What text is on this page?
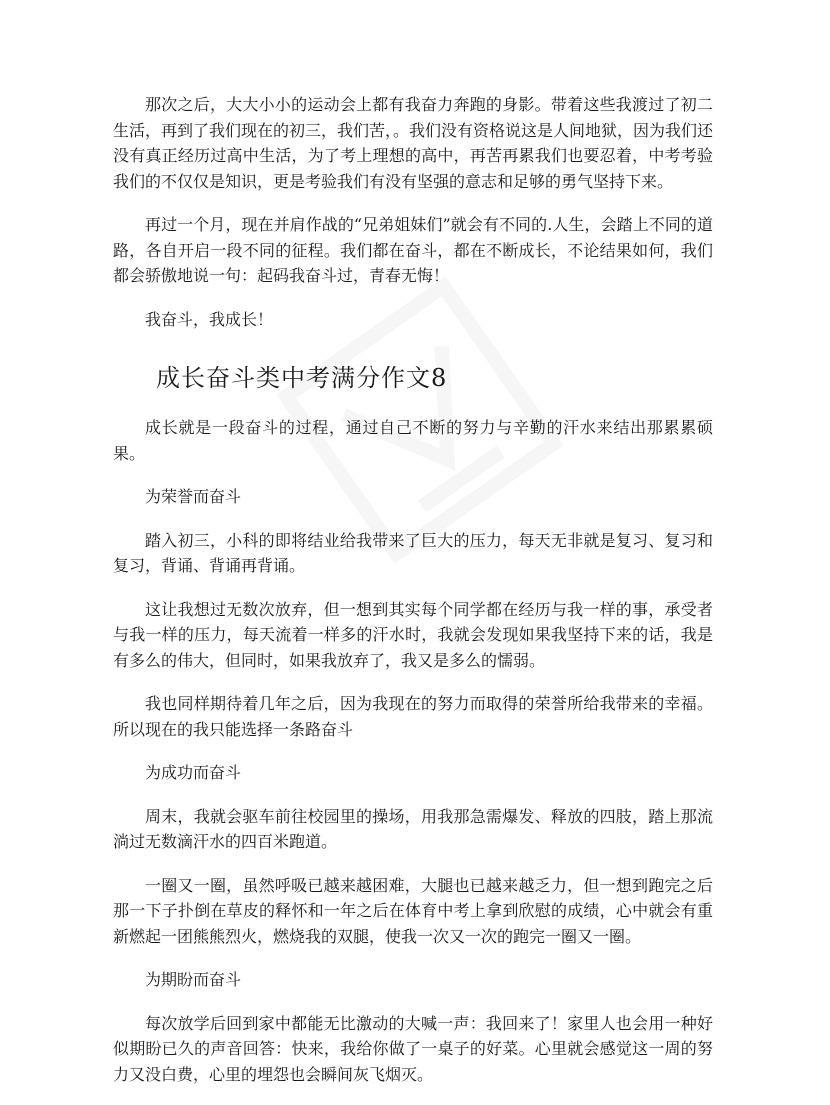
那次之后，大大小小的运动会上都有我奋力奔跑的身影。带着这些我渡过了初二生活，再到了我们现在的初三，我们苦，。我们没有资格说这是人间地狱，因为我们还没有真正经历过高中生活，为了考上理想的高中，再苦再累我们也要忍着，中考考验我们的不仅仅是知识，更是考验我们有没有坚强的意志和足够的勇气坚持下来。

再过一个月，现在并肩作战的“兄弟姐妹们”就会有不同的.人生，会踏上不同的道路，各自开启一段不同的征程。我们都在奋斗，都在不断成长，不论结果如何，我们都会骄傲地说一句：起码我奋斗过，青春无悔！

我奋斗，我成长！

成长奋斗类中考满分作文8

成长就是一段奋斗的过程，通过自己不断的努力与辛勤的汗水来结出那累累硕果。

为荣誉而奋斗

踏入初三，小科的即将结业给我带来了巨大的压力，每天无非就是复习、复习和复习，背诵、背诵再背诵。

这让我想过无数次放弃，但一想到其实每个同学都在经历与我一样的事，承受者与我一样的压力，每天流着一样多的汗水时，我就会发现如果我坚持下来的话，我是有多么的伟大，但同时，如果我放弃了，我又是多么的懦弱。

我也同样期待着几年之后，因为我现在的努力而取得的荣誉所给我带来的幸福。所以现在的我只能选择一条路奋斗

为成功而奋斗

周末，我就会驱车前往校园里的操场，用我那急需爆发、释放的四肢，踏上那流淌过无数滴汗水的四百米跑道。

一圈又一圈，虽然呼吸已越来越困难，大腿也已越来越乏力，但一想到跑完之后那一下子扑倒在草皮的释怀和一年之后在体育中考上拿到欣慰的成绩，心中就会有重新燃起一团熊熊烈火，燃烧我的双腿，使我一次又一次的跑完一圈又一圈。

为期盼而奋斗

每次放学后回到家中都能无比激动的大喊一声：我回来了！家里人也会用一种好似期盼已久的声音回答：快来，我给你做了一桌子的好菜。心里就会感觉这一周的努力又没白费，心里的埋怨也会瞬间灰飞烟灭。
